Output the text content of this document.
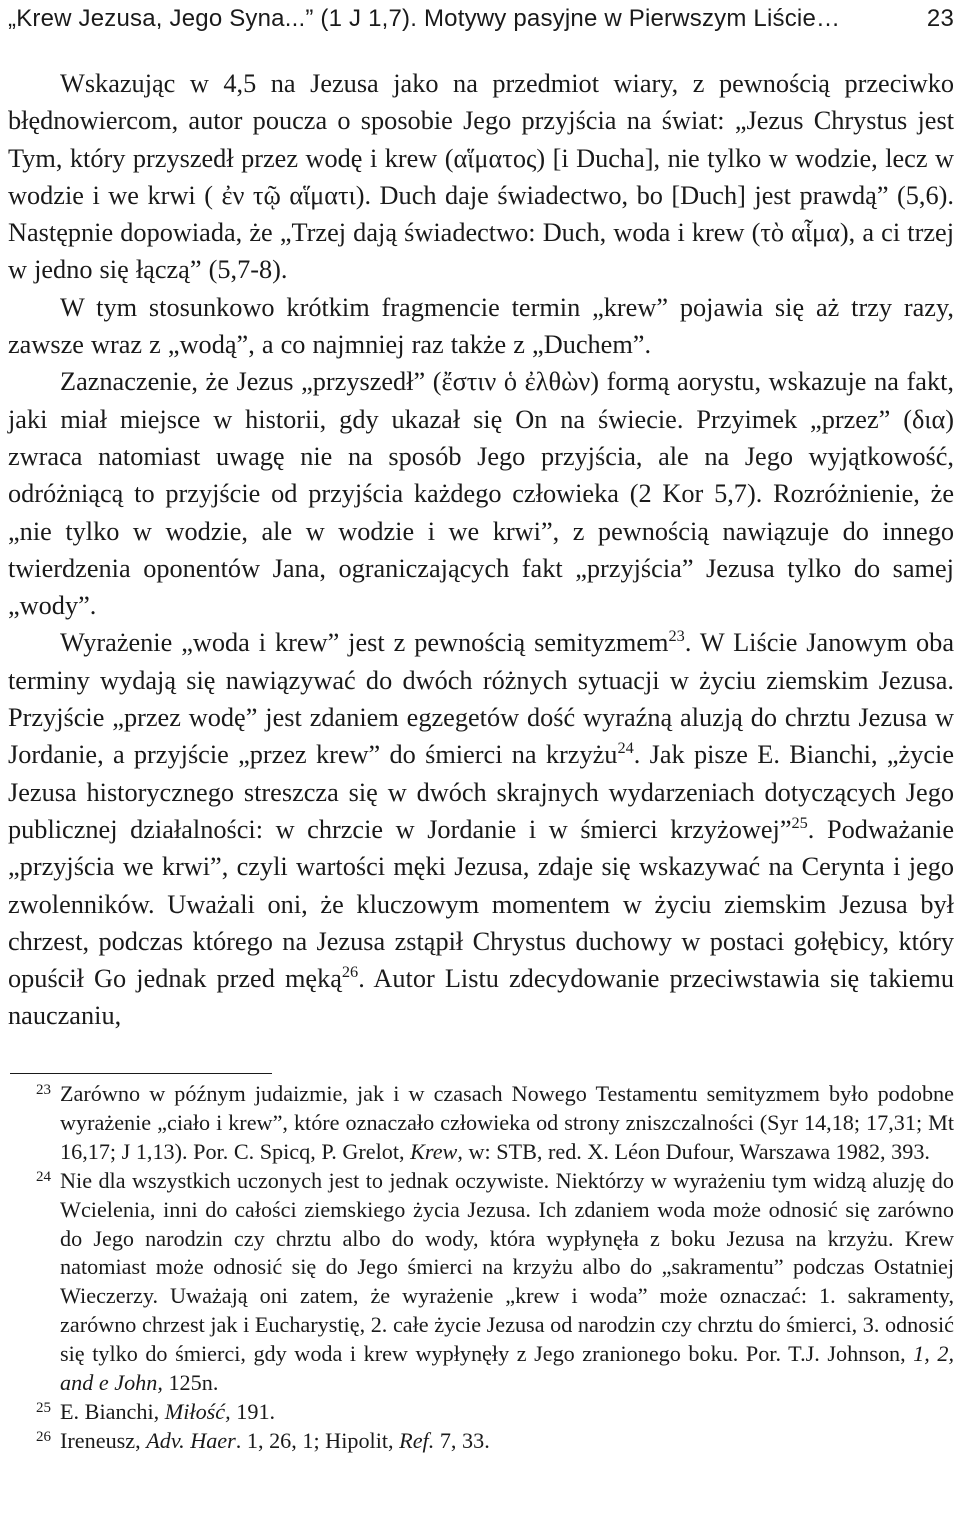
„Krew Jezusa, Jego Syna...” (1 J 1,7). Motywy pasyjne w Pierwszym Liście…	23

Wskazując w 4,5 na Jezusa jako na przedmiot wiary, z pewnością przeciwko błędnowiercom, autor poucza o sposobie Jego przyjścia na świat: „Jezus Chrystus jest Tym, który przyszedł przez wodę i krew (αἵματος) [i Ducha], nie tylko w wodzie, lecz w wodzie i we krwi ( ἐν τῷ αἵματι). Duch daje świadectwo, bo [Duch] jest prawdą” (5,6). Następnie dopowiada, że „Trzej dają świadectwo: Duch, woda i krew (τὸ αἷμα), a ci trzej w jedno się łączą” (5,7-8).

W tym stosunkowo krótkim fragmencie termin „krew” pojawia się aż trzy razy, zawsze wraz z „wodą”, a co najmniej raz także z „Duchem”.

Zaznaczenie, że Jezus „przyszedł” (ἔστιν ὁ ἐλθὼν) formą aorystu, wskazuje na fakt, jaki miał miejsce w historii, gdy ukazał się On na świecie. Przyimek „przez” (δια) zwraca natomiast uwagę nie na sposób Jego przyjścia, ale na Jego wyjątkowość, odróżniącą to przyjście od przyjścia każdego człowieka (2 Kor 5,7). Rozróżnienie, że „nie tylko w wodzie, ale w wodzie i we krwi”, z pewnością nawiązuje do innego twierdzenia oponentów Jana, ograniczających fakt „przyjścia” Jezusa tylko do samej „wody”.

Wyrażenie „woda i krew” jest z pewnością semityzmem$^{23}$. W Liście Janowym oba terminy wydają się nawiązywać do dwóch różnych sytuacji w życiu ziemskim Jezusa. Przyjście „przez wodę” jest zdaniem egzegetów dość wyraźną aluzją do chrztu Jezusa w Jordanie, a przyjście „przez krew” do śmierci na krzyżu$^{24}$. Jak pisze E. Bianchi, „życie Jezusa historycznego streszcza się w dwóch skrajnych wydarzeniach dotyczących Jego publicznej działalności: w chrzcie w Jordanie i w śmierci krzyżowej”$^{25}$. Podważanie „przyjścia we krwi”, czyli wartości męki Jezusa, zdaje się wskazywać na Cerynta i jego zwolenników. Uważali oni, że kluczowym momentem w życiu ziemskim Jezusa był chrzest, podczas którego na Jezusa zstąpił Chrystus duchowy w postaci gołębicy, który opuścił Go jednak przed męką$^{26}$. Autor Listu zdecydowanie przeciwstawia się takiemu nauczaniu,

23 Zarówno w późnym judaizmie, jak i w czasach Nowego Testamentu semityzmem było podobne wyrażenie „ciało i krew”, które oznaczało człowieka od strony zniszczalności (Syr 14,18; 17,31; Mt 16,17; J 1,13). Por. C. Spicq, P. Grelot, Krew, w: STB, red. X. Léon Dufour, Warszawa 1982, 393.
24 Nie dla wszystkich uczonych jest to jednak oczywiste. Niektórzy w wyrażeniu tym widzą aluzję do Wcielenia, inni do całości ziemskiego życia Jezusa. Ich zdaniem woda może odnosić się zarówno do Jego narodzin czy chrztu albo do wody, która wypłynęła z boku Jezusa na krzyżu. Krew natomiast może odnosić się do Jego śmierci na krzyżu albo do „sakramentu” podczas Ostatniej Wieczerzy. Uważają oni zatem, że wyrażenie „krew i woda” może oznaczać: 1. sakramenty, zarówno chrzest jak i Eucharystię, 2. całe życie Jezusa od narodzin czy chrztu do śmierci, 3. odnosić się tylko do śmierci, gdy woda i krew wypłynęły z Jego zranionego boku. Por. T.J. Johnson, 1, 2, and e John, 125n.
25 E. Bianchi, Miłość, 191.
26 Ireneusz, Adv. Haer. 1, 26, 1; Hipolit, Ref. 7, 33.
